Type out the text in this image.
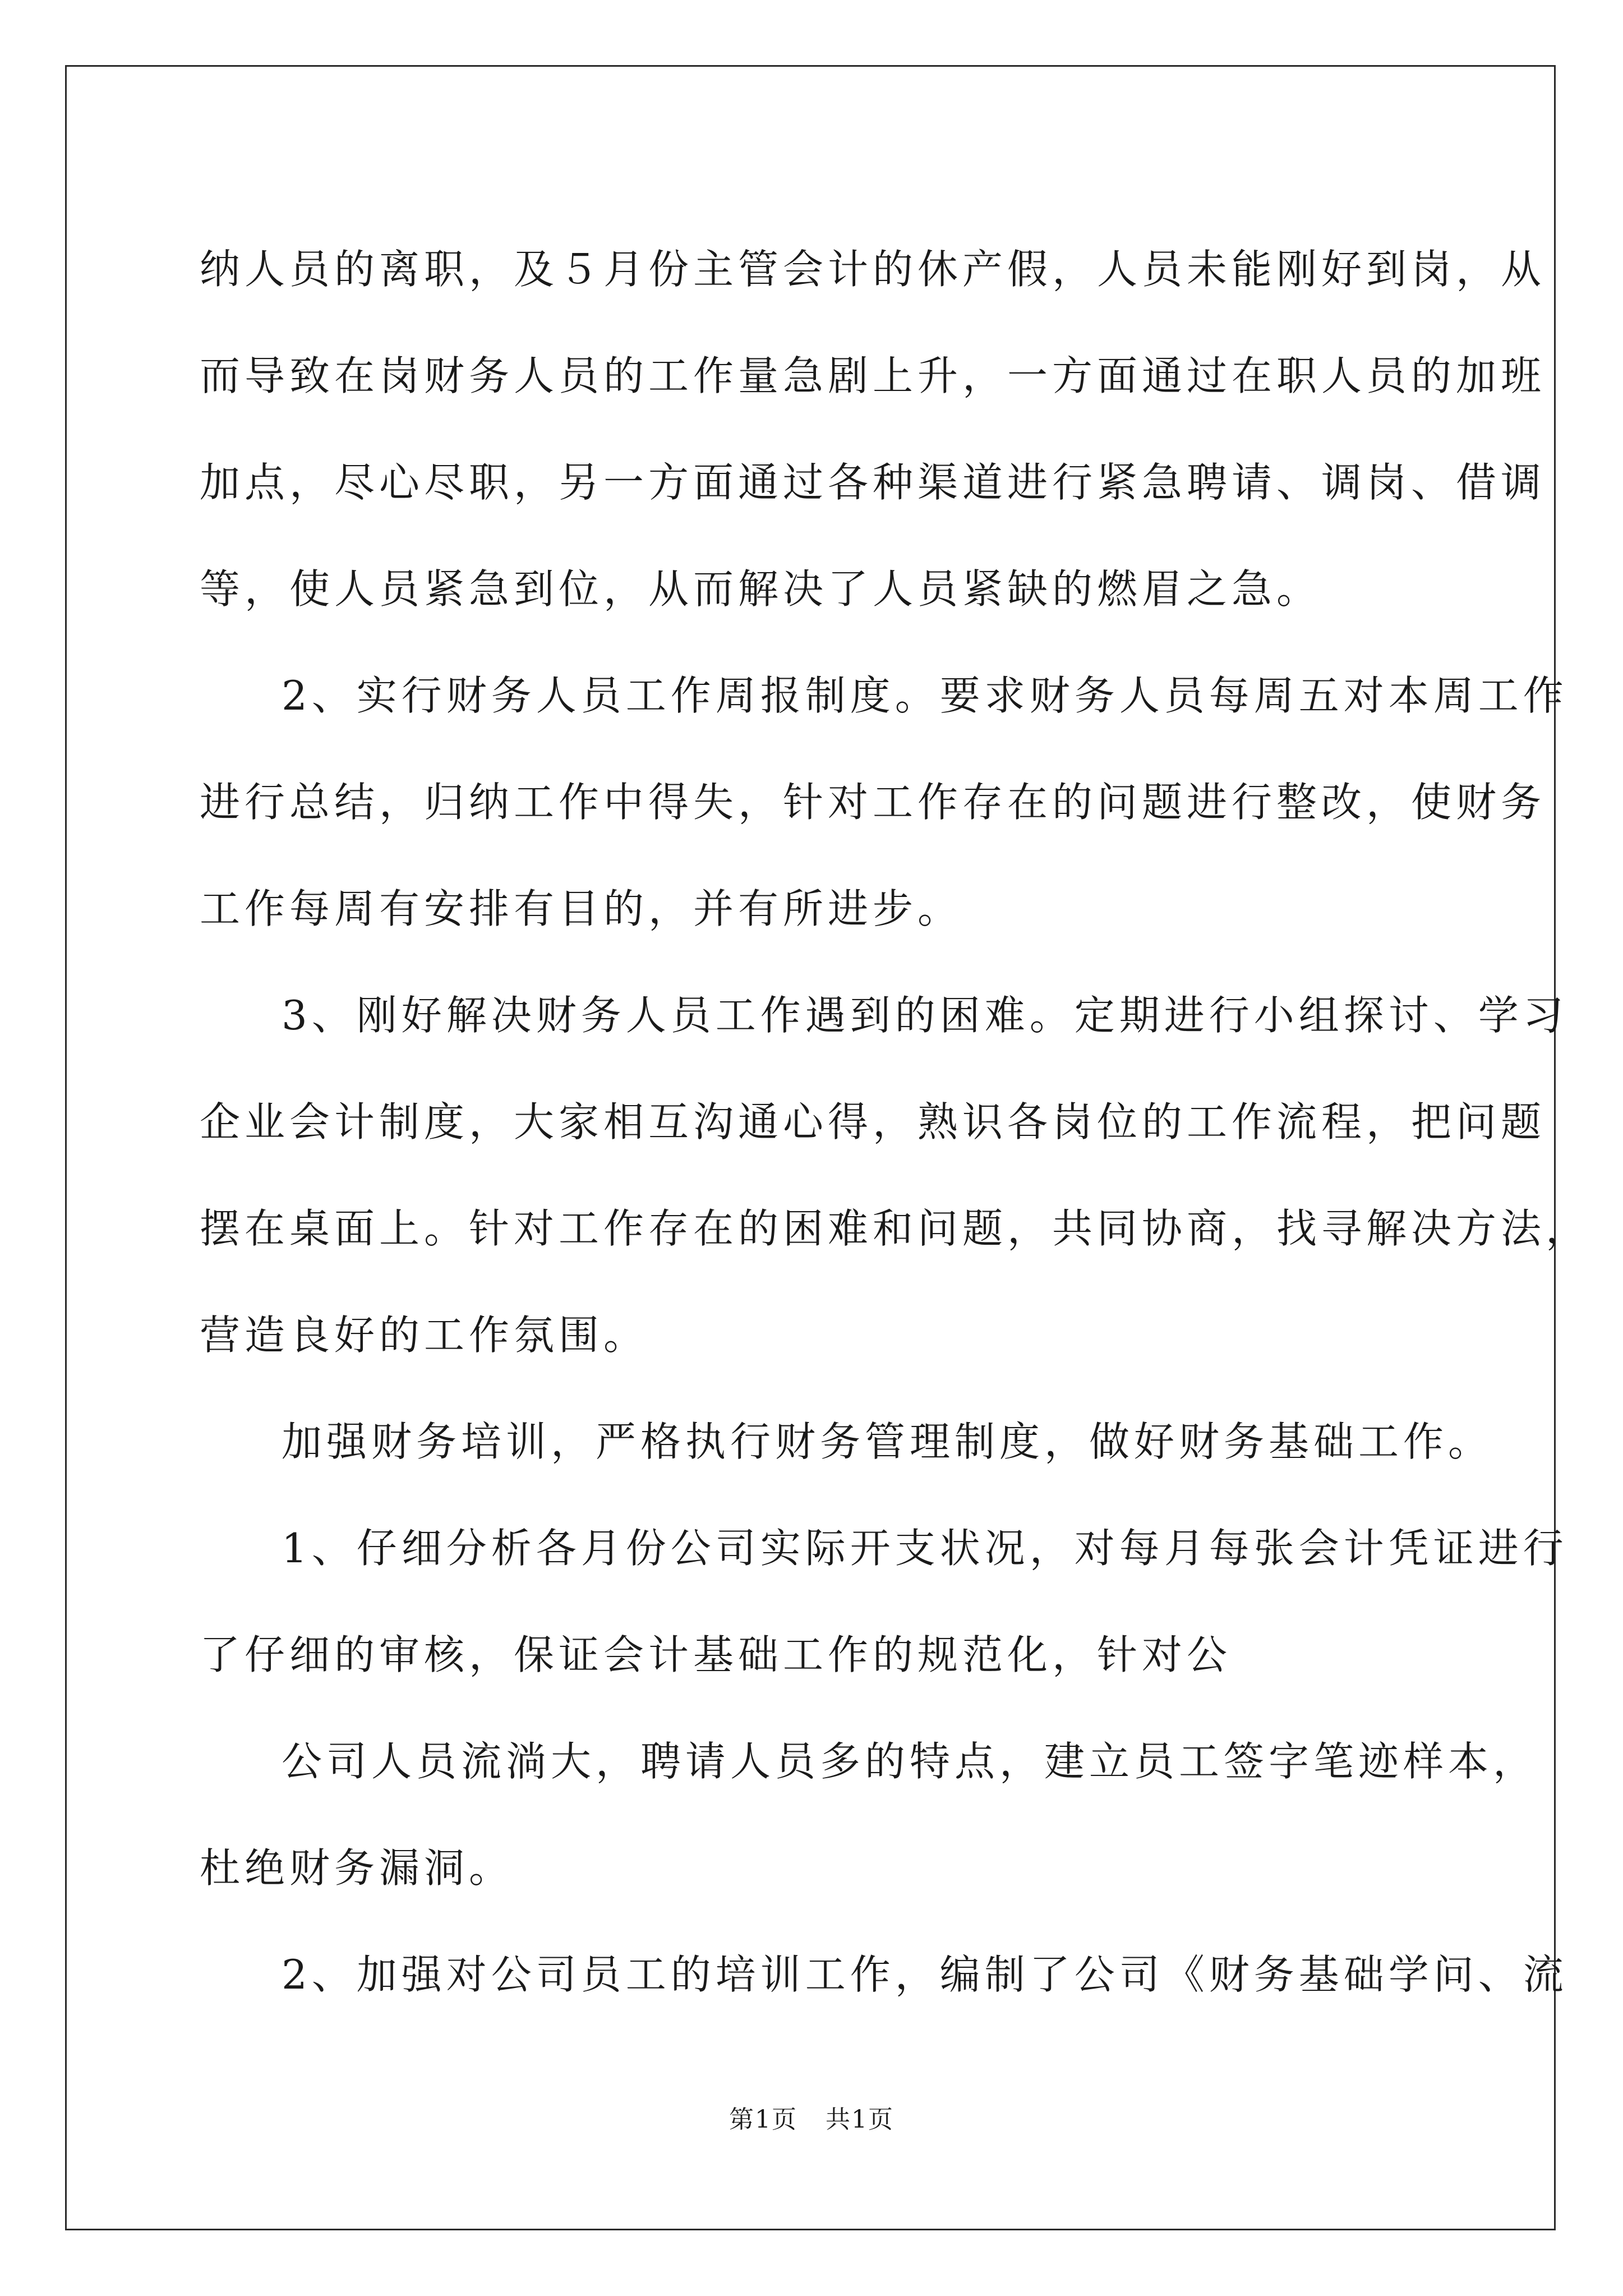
纳人员的离职，及５月份主管会计的休产假，人员未能刚好到岗，从
而导致在岗财务人员的工作量急剧上升，一方面通过在职人员的加班
加点，尽心尽职，另一方面通过各种渠道进行紧急聘请、调岗、借调
等，使人员紧急到位，从而解决了人员紧缺的燃眉之急。
2、实行财务人员工作周报制度。要求财务人员每周五对本周工作
进行总结，归纳工作中得失，针对工作存在的问题进行整改，使财务
工作每周有安排有目的，并有所进步。
3、刚好解决财务人员工作遇到的困难。定期进行小组探讨、学习
企业会计制度，大家相互沟通心得，熟识各岗位的工作流程，把问题
摆在桌面上。针对工作存在的困难和问题，共同协商，找寻解决方法，
营造良好的工作氛围。
加强财务培训，严格执行财务管理制度，做好财务基础工作。
1、仔细分析各月份公司实际开支状况，对每月每张会计凭证进行
了仔细的审核，保证会计基础工作的规范化，针对公
公司人员流淌大，聘请人员多的特点，建立员工签字笔迹样本，
杜绝财务漏洞。
2、加强对公司员工的培训工作，编制了公司《财务基础学问、流
第1页 共1页
